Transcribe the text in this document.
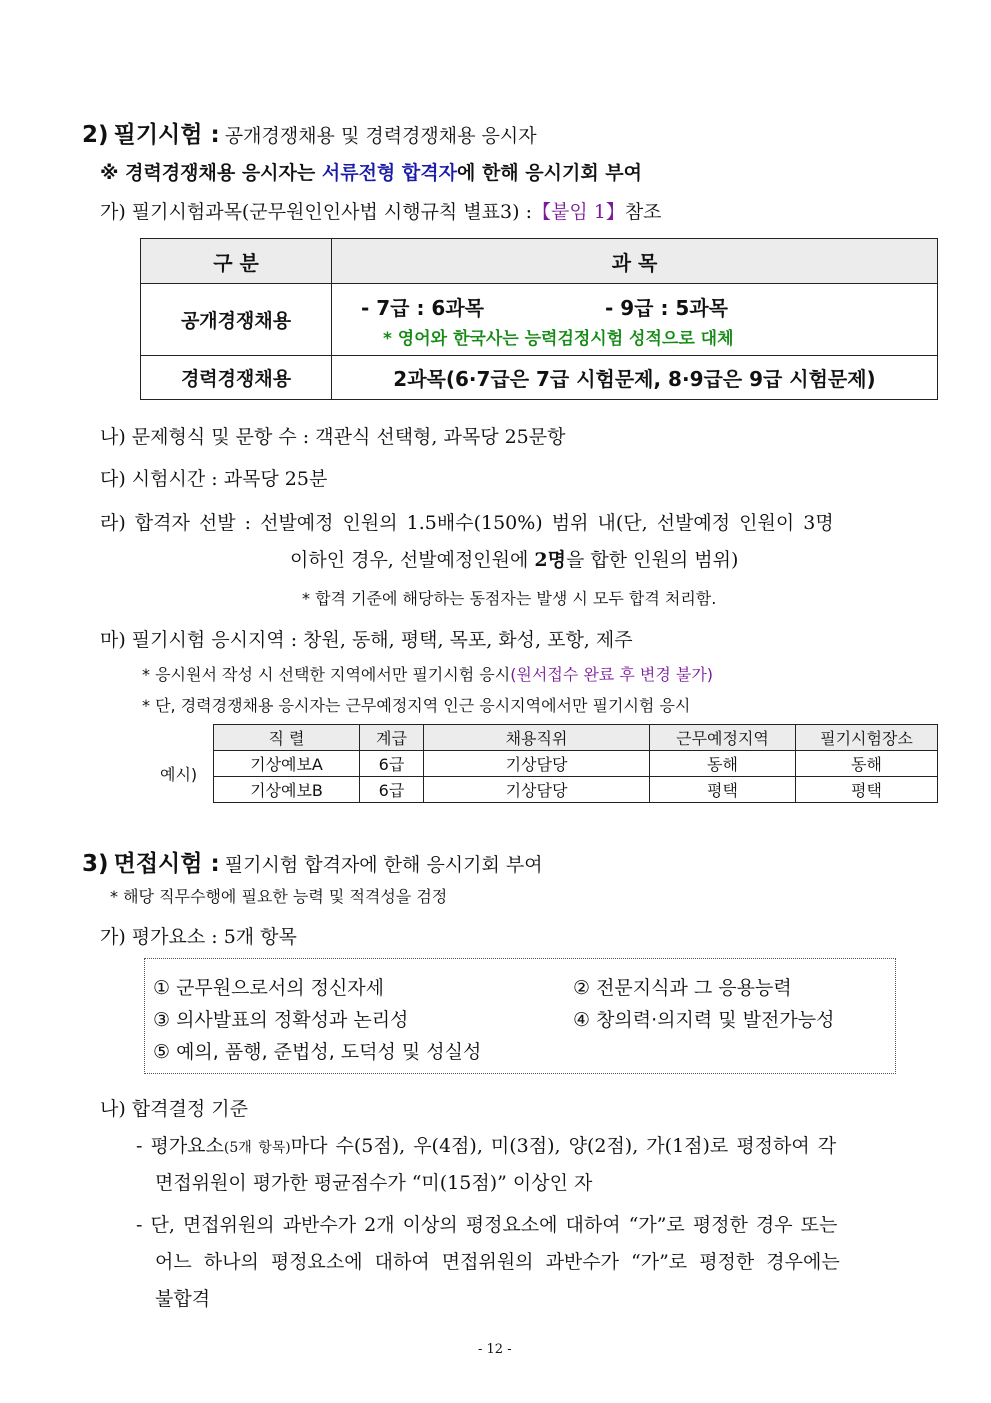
2) 필기시험 : 공개경쟁채용 및 경력경쟁채용 응시자
※ 경력경쟁채용 응시자는 서류전형 합격자에 한해 응시기회 부여
가) 필기시험과목(군무원인인사법 시행규칙 별표3) :【붙임 1】참조
구 분	과 목
공개경쟁채용	- 7급 : 6과목 - 9급 : 5과목
* 영어와 한국사는 능력검정시험 성적으로 대체

경력경쟁채용	2과목(6·7급은 7급 시험문제, 8·9급은 9급 시험문제)
나) 문제형식 및 문항 수 : 객관식 선택형, 과목당 25문항
다) 시험시간 : 과목당 25분
라) 합격자 선발 : 선발예정 인원의 1.5배수(150%) 범위 내(단, 선발예정 인원이 3명
이하인 경우, 선발예정인원에 2명을 합한 인원의 범위)
* 합격 기준에 해당하는 동점자는 발생 시 모두 합격 처리함.
마) 필기시험 응시지역 : 창원, 동해, 평택, 목포, 화성, 포항, 제주
* 응시원서 작성 시 선택한 지역에서만 필기시험 응시(원서접수 완료 후 변경 불가)
* 단, 경력경쟁채용 응시자는 근무예정지역 인근 응시지역에서만 필기시험 응시
예시)
직 렬	계급	채용직위	근무예정지역	필기시험장소
기상예보A	6급	기상담당	동해	동해
기상예보B	6급	기상담당	평택	평택
3) 면접시험 : 필기시험 합격자에 한해 응시기회 부여
* 해당 직무수행에 필요한 능력 및 적격성을 검정
가) 평가요소 : 5개 항목
① 군무원으로서의 정신자세	② 전문지식과 그 응용능력
③ 의사발표의 정확성과 논리성	④ 창의력·의지력 및 발전가능성
⑤ 예의, 품행, 준법성, 도덕성 및 성실성
나) 합격결정 기준
- 평가요소(5개 항목)마다 수(5점), 우(4점), 미(3점), 양(2점), 가(1점)로 평정하여 각
면접위원이 평가한 평균점수가 “미(15점)” 이상인 자
- 단, 면접위원의 과반수가 2개 이상의 평정요소에 대하여 “가”로 평정한 경우 또는
어느 하나의 평정요소에 대하여 면접위원의 과반수가 “가”로 평정한 경우에는
불합격
- 12 -
